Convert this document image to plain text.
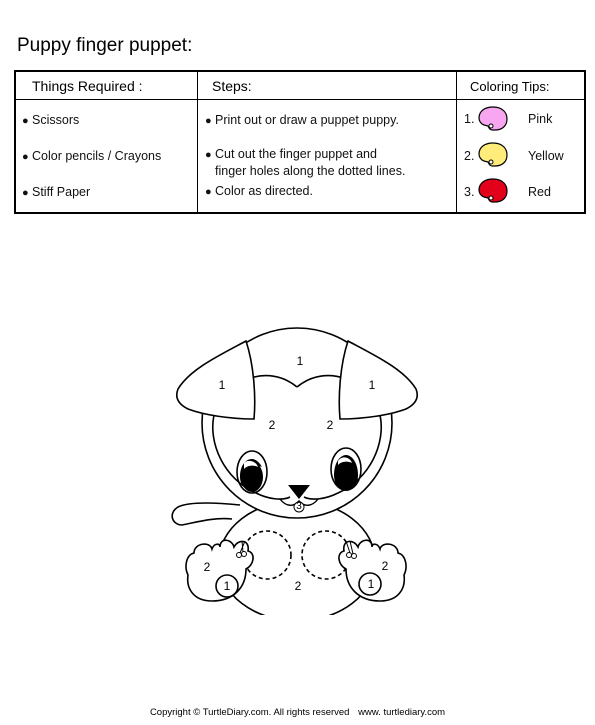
Puppy finger puppet:
Things Required :	Steps:	Coloring Tips:
● Scissors
● Color pencils / Crayons
● Stiff Paper
● Print out or draw a puppet puppy.
● Cut out the finger puppet and
finger holes along the dotted lines.
● Color as directed.
1.	Pink
2.	Yellow
3.	Red
1
1	1
2	2
3
2
1
2
1
2
Copyright © TurtleDiary.com. All rights reserved www. turtlediary.com
